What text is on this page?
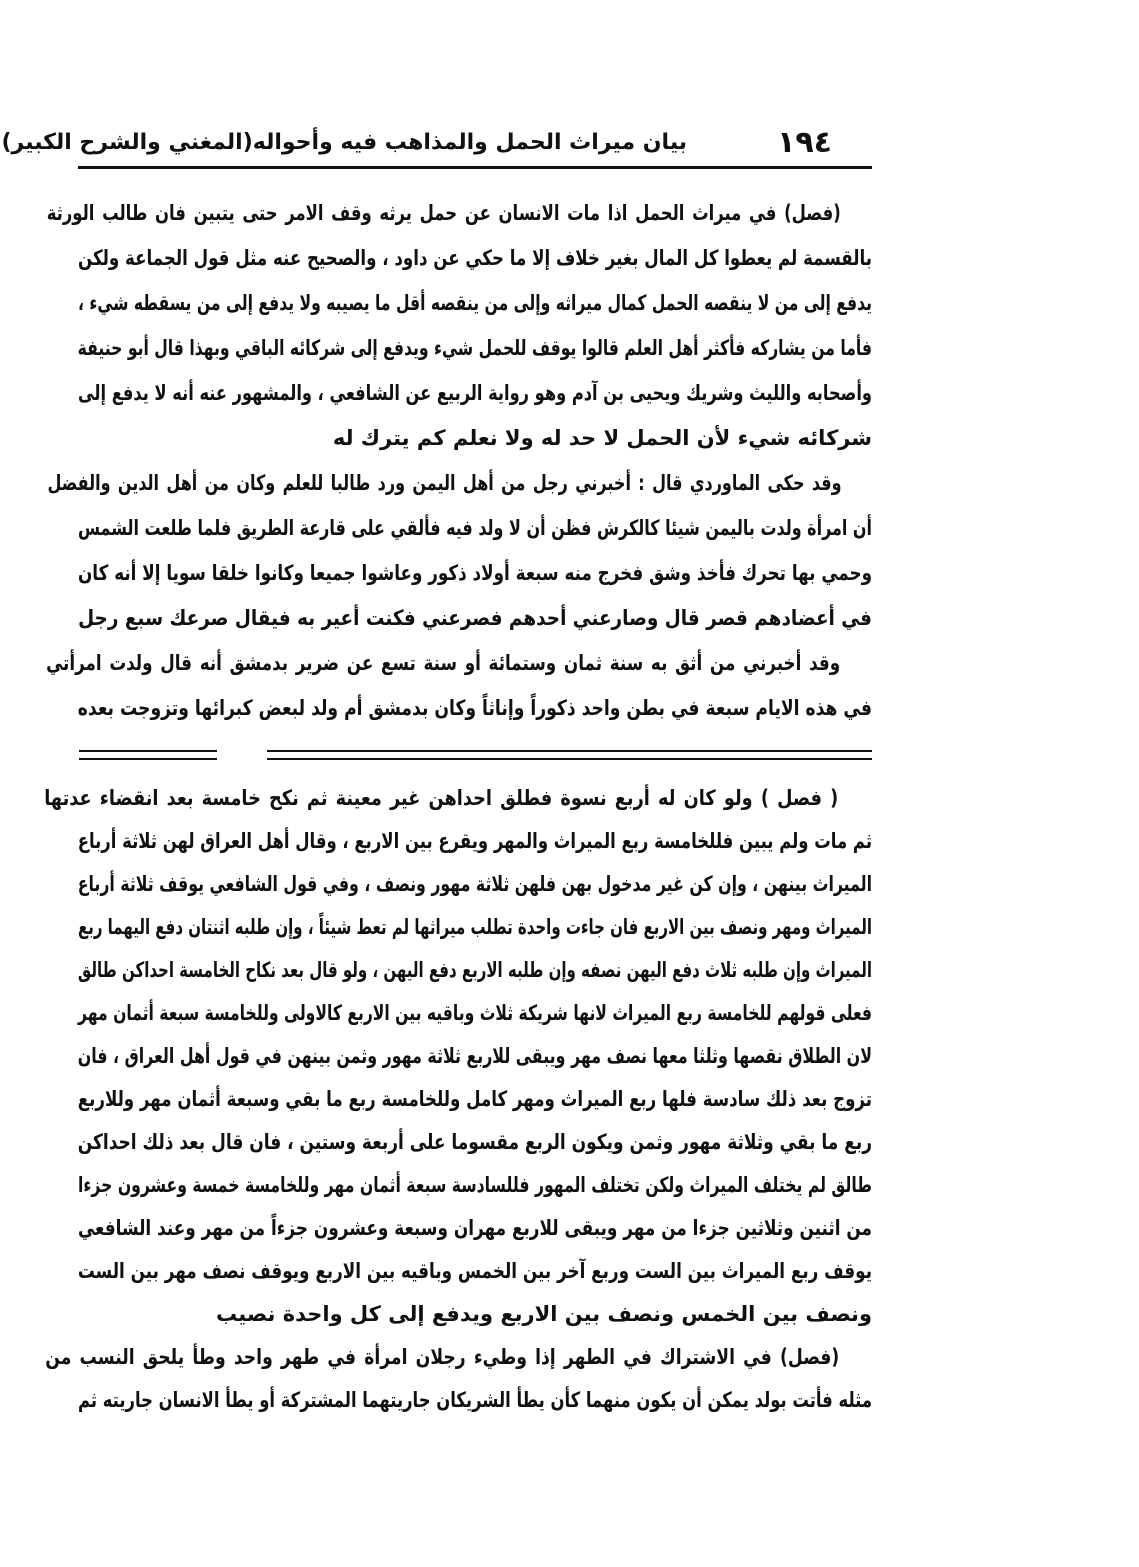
١٩٤
بيان ميراث الحمل والمذاهب فيه وأحواله
(المغني والشرح الكبير)
(فصل) في ميراث الحمل اذا مات الانسان عن حمل يرثه وقف الامر حتى يتبين فان طالب الورثة
بالقسمة لم يعطوا كل المال بغير خلاف إلا ما حكي عن داود ، والصحيح عنه مثل قول الجماعة ولكن
يدفع إلى من لا ينقصه الحمل كمال ميراثه وإلى من ينقصه أقل ما يصيبه ولا يدفع إلى من يسقطه شيء ،
فأما من يشاركه فأكثر أهل العلم قالوا يوقف للحمل شيء ويدفع إلى شركائه الباقي وبهذا قال أبو حنيفة
وأصحابه والليث وشريك ويحيى بن آدم وهو رواية الربيع عن الشافعي ، والمشهور عنه أنه لا يدفع إلى
شركائه شيء لأن الحمل لا حد له ولا نعلم كم يترك له
وقد حكى الماوردي قال : أخبرني رجل من أهل اليمن ورد طالبا للعلم وكان من أهل الدين والفضل
أن امرأة ولدت باليمن شيئا كالكرش فظن أن لا ولد فيه فألقي على قارعة الطريق فلما طلعت الشمس
وحمي بها تحرك فأخذ وشق فخرج منه سبعة أولاد ذكور وعاشوا جميعا وكانوا خلقا سويا إلا أنه كان
في أعضادهم قصر قال وصارعني أحدهم فصرعني فكنت أعير به فيقال صرعك سبع رجل
وقد أخبرني من أثق به سنة ثمان وستمائة أو سنة تسع عن ضرير بدمشق أنه قال ولدت امرأتي
في هذه الايام سبعة في بطن واحد ذكوراً وإناثاً وكان بدمشق أم ولد لبعض كبرائها وتزوجت بعده
( فصل ) ولو كان له أربع نسوة فطلق احداهن غير معينة ثم نكح خامسة بعد انقضاء عدتها
ثم مات ولم يبين فللخامسة ربع الميراث والمهر ويقرع بين الاربع ، وقال أهل العراق لهن ثلاثة أرباع
الميراث بينهن ، وإن كن غير مدخول بهن فلهن ثلاثة مهور ونصف ، وفي قول الشافعي يوقف ثلاثة أرباع
الميراث ومهر ونصف بين الاربع فان جاءت واحدة تطلب ميراثها لم تعط شيئاً ، وإن طلبه اثنتان دفع اليهما ربع
الميراث وإن طلبه ثلاث دفع اليهن نصفه وإن طلبه الاربع دفع اليهن ، ولو قال بعد نكاح الخامسة احداكن طالق
فعلى قولهم للخامسة ربع الميراث لانها شريكة ثلاث وباقيه بين الاربع كالاولى وللخامسة سبعة أثمان مهر
لان الطلاق نقصها وثلثا معها نصف مهر ويبقى للاربع ثلاثة مهور وثمن بينهن في قول أهل العراق ، فان
تزوج بعد ذلك سادسة فلها ربع الميراث ومهر كامل وللخامسة ربع ما بقي وسبعة أثمان مهر وللاربع
ربع ما بقي وثلاثة مهور وثمن ويكون الربع مقسوما على أربعة وستين ، فان قال بعد ذلك احداكن
طالق لم يختلف الميراث ولكن تختلف المهور فللسادسة سبعة أثمان مهر وللخامسة خمسة وعشرون جزءا
من اثنين وثلاثين جزءا من مهر ويبقى للاربع مهران وسبعة وعشرون جزءاً من مهر وعند الشافعي
يوقف ربع الميراث بين الست وربع آخر بين الخمس وباقيه بين الاربع ويوقف نصف مهر بين الست
ونصف بين الخمس ونصف بين الاربع ويدفع إلى كل واحدة نصيب
(فصل) في الاشتراك في الطهر إذا وطيء رجلان امرأة في طهر واحد وطأ يلحق النسب من
مثله فأتت بولد يمكن أن يكون منهما كأن يطأ الشريكان جاريتهما المشتركة أو يطأ الانسان جاريته ثم
